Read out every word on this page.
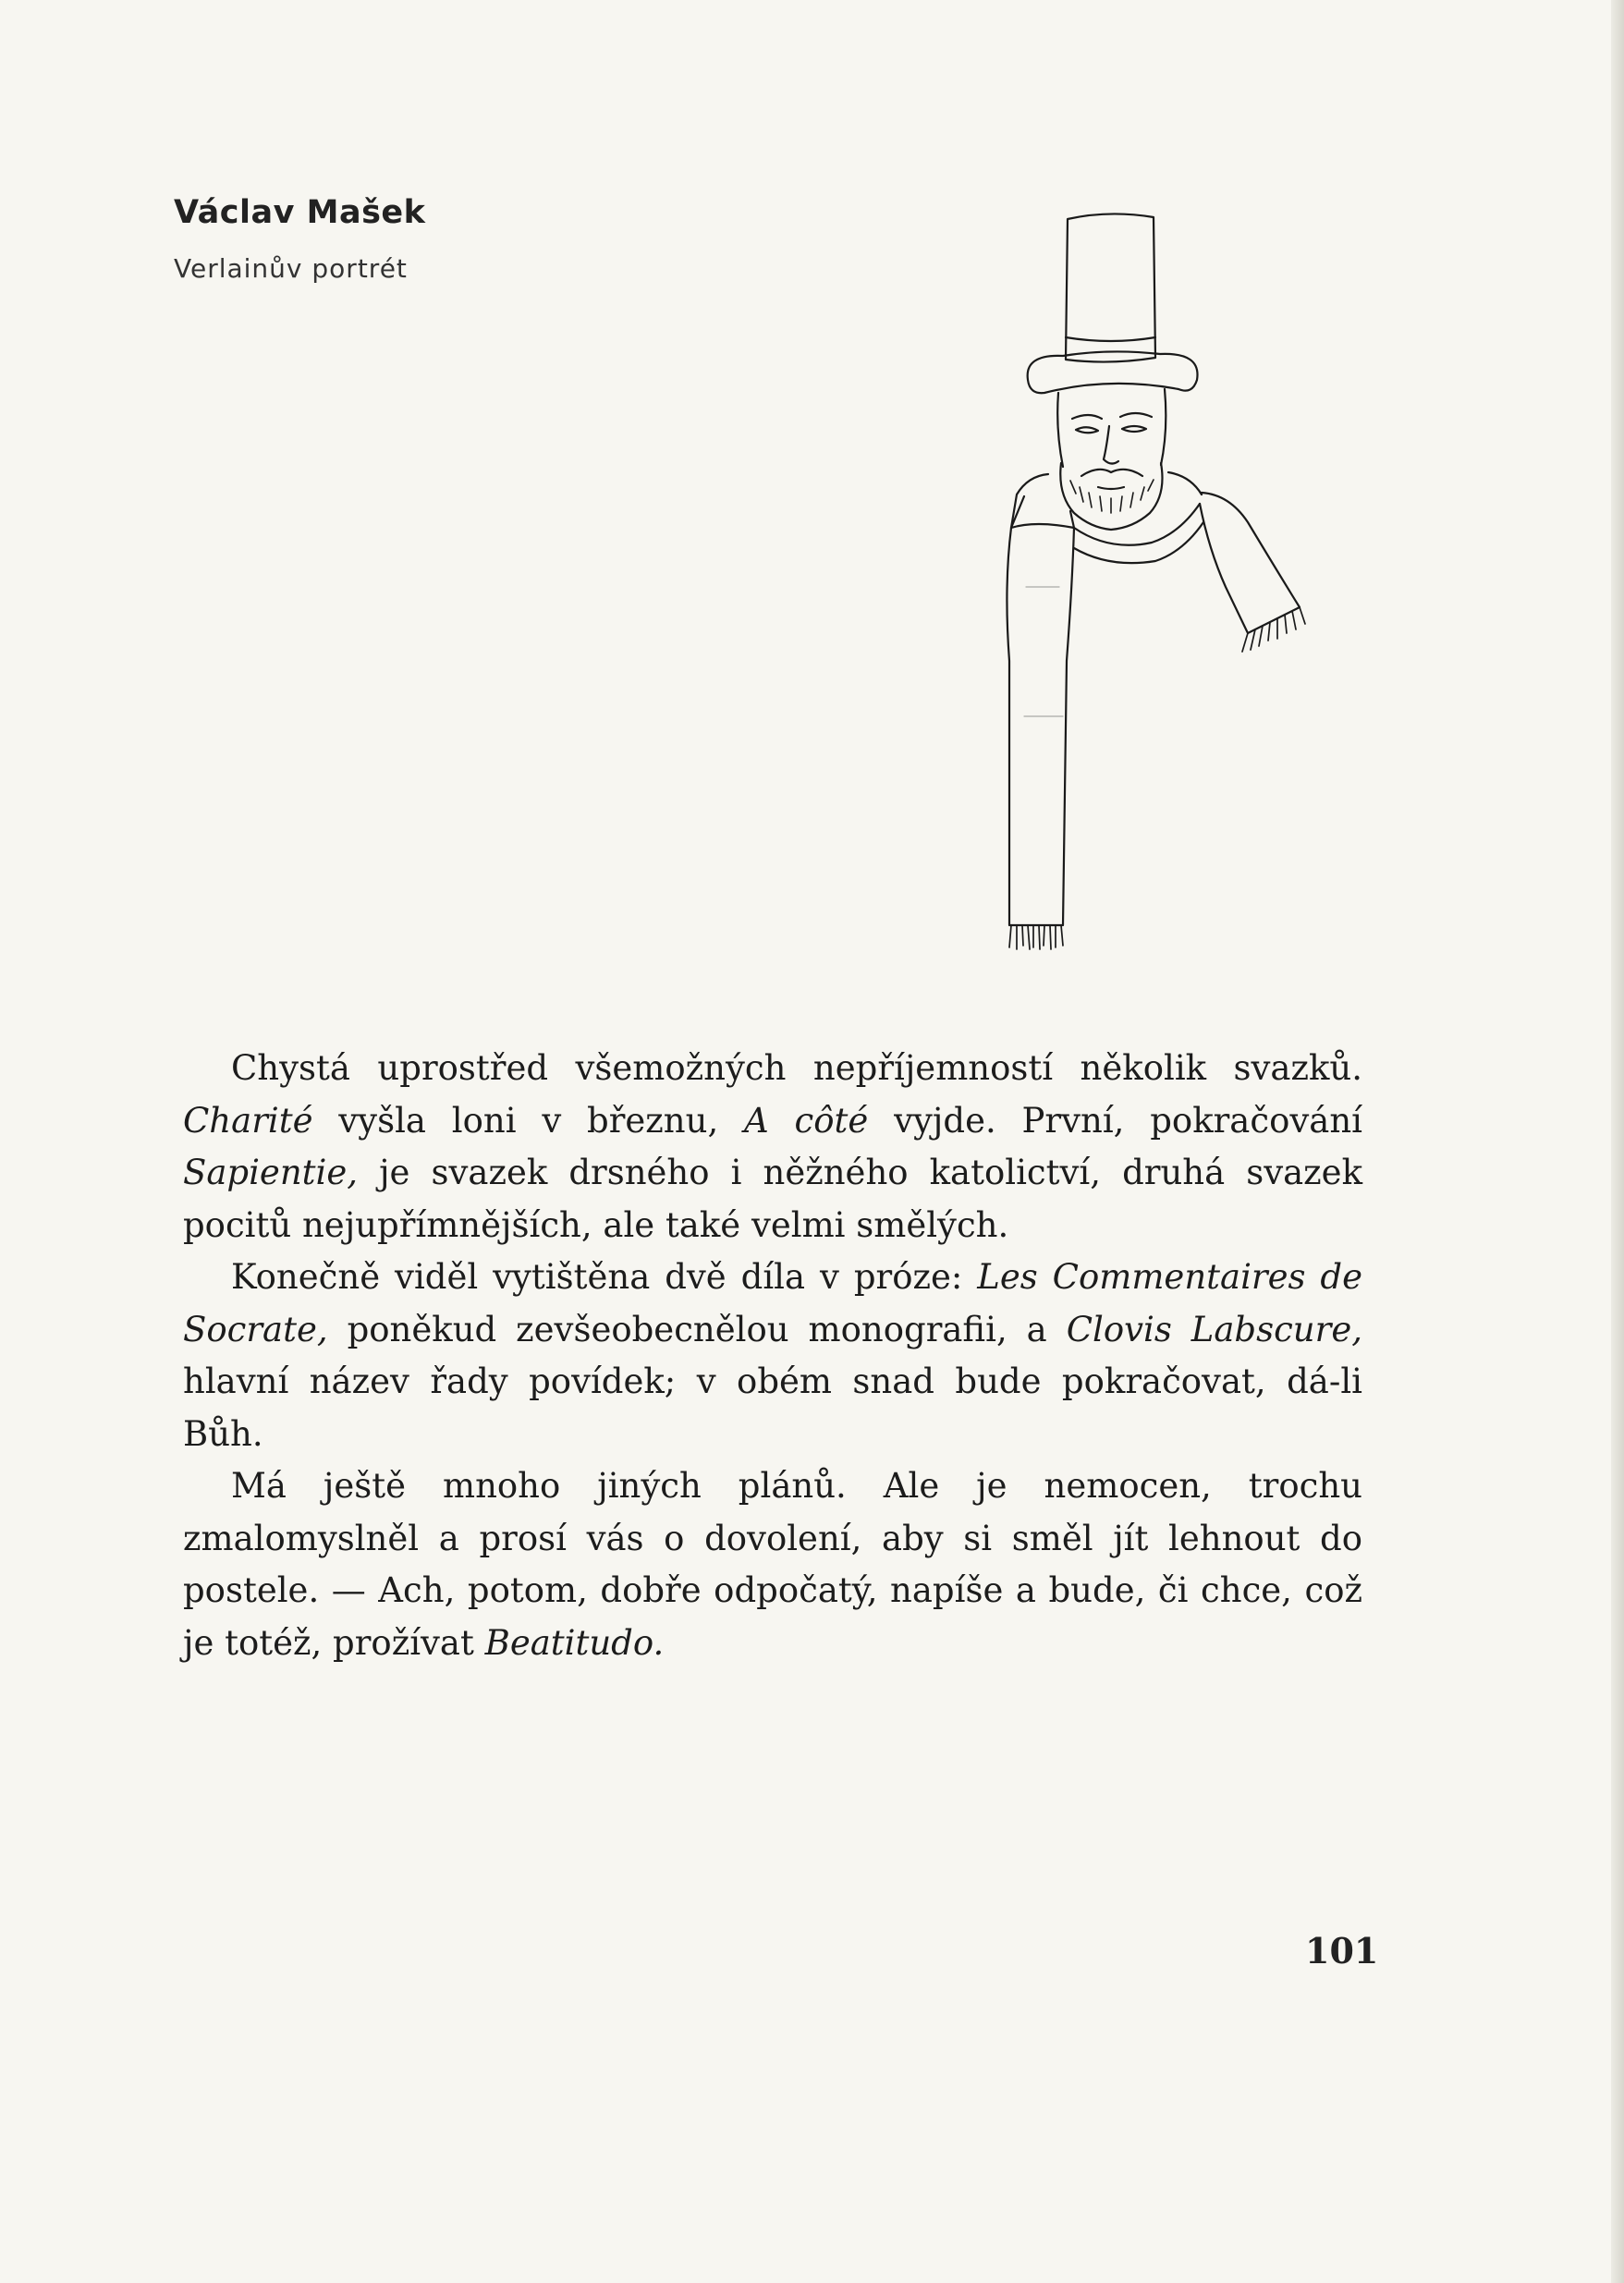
Václav Mašek

Verlainův portrét

Chystá uprostřed všemožných nepříjemností několik svazků. Charité vyšla loni v březnu, A côté vyjde. První, pokračování Sapientie, je svazek drsného i něžného katolictví, druhá svazek pocitů nejupřímnějších, ale také velmi smělých.

Konečně viděl vytištěna dvě díla v próze: Les Commentaires de Socrate, poněkud zevšeobecnělou monografii, a Clovis Labscure, hlavní název řady povídek; v obém snad bude pokračovat, dá-li Bůh.

Má ještě mnoho jiných plánů. Ale je nemocen, trochu zmalomyslněl a prosí vás o dovolení, aby si směl jít lehnout do postele. — Ach, potom, dobře odpočatý, napíše a bude, či chce, což je totéž, prožívat Beatitudo.

101
